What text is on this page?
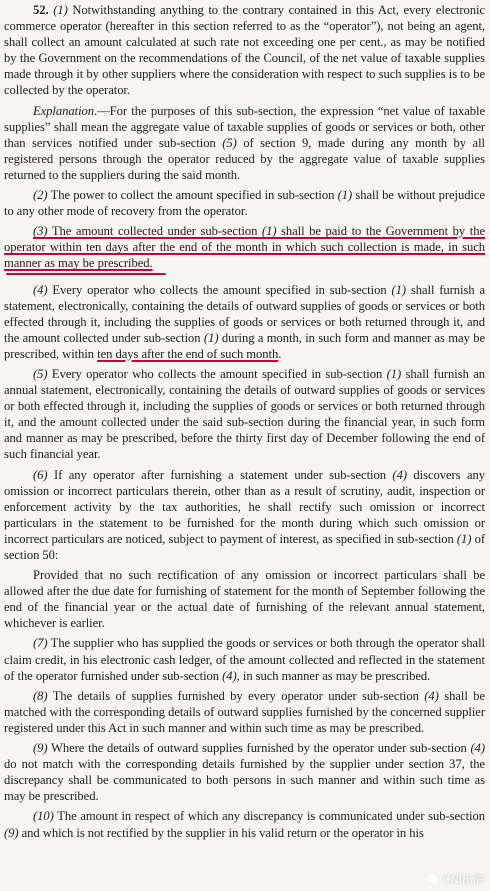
52. (1) Notwithstanding anything to the contrary contained in this Act, every electronic commerce operator (hereafter in this section referred to as the “operator”), not being an agent, shall collect an amount calculated at such rate not exceeding one per cent., as may be notified by the Government on the recommendations of the Council, of the net value of taxable supplies made through it by other suppliers where the consideration with respect to such supplies is to be collected by the operator.

Explanation.—For the purposes of this sub-section, the expression “net value of taxable supplies” shall mean the aggregate value of taxable supplies of goods or services or both, other than services notified under sub-section (5) of section 9, made during any month by all registered persons through the operator reduced by the aggregate value of taxable supplies returned to the suppliers during the said month.

(2) The power to collect the amount specified in sub-section (1) shall be without prejudice to any other mode of recovery from the operator.

(3) The amount collected under sub-section (1) shall be paid to the Government by the operator within ten days after the end of the month in which such collection is made, in such manner as may be prescribed.

(4) Every operator who collects the amount specified in sub-section (1) shall furnish a statement, electronically, containing the details of outward supplies of goods or services or both effected through it, including the supplies of goods or services or both returned through it, and the amount collected under sub-section (1) during a month, in such form and manner as may be prescribed, within ten days after the end of such month.

(5) Every operator who collects the amount specified in sub-section (1) shall furnish an annual statement, electronically, containing the details of outward supplies of goods or services or both effected through it, including the supplies of goods or services or both returned through it, and the amount collected under the said sub-section during the financial year, in such form and manner as may be prescribed, before the thirty first day of December following the end of such financial year.

(6) If any operator after furnishing a statement under sub-section (4) discovers any omission or incorrect particulars therein, other than as a result of scrutiny, audit, inspection or enforcement activity by the tax authorities, he shall rectify such omission or incorrect particulars in the statement to be furnished for the month during which such omission or incorrect particulars are noticed, subject to payment of interest, as specified in sub-section (1) of section 50:

Provided that no such rectification of any omission or incorrect particulars shall be allowed after the due date for furnishing of statement for the month of September following the end of the financial year or the actual date of furnishing of the relevant annual statement, whichever is earlier.

(7) The supplier who has supplied the goods or services or both through the operator shall claim credit, in his electronic cash ledger, of the amount collected and reflected in the statement of the operator furnished under sub-section (4), in such manner as may be prescribed.

(8) The details of supplies furnished by every operator under sub-section (4) shall be matched with the corresponding details of outward supplies furnished by the concerned supplier registered under this Act in such manner and within such time as may be prescribed.

(9) Where the details of outward supplies furnished by the operator under sub-section (4) do not match with the corresponding details furnished by the supplier under section 37, the discrepancy shall be communicated to both persons in such manner and within such time as may be prescribed.

(10) The amount in respect of which any discrepancy is communicated under sub-section (9) and which is not rectified by the supplier in his valid return or the operator in his

CNI出海
